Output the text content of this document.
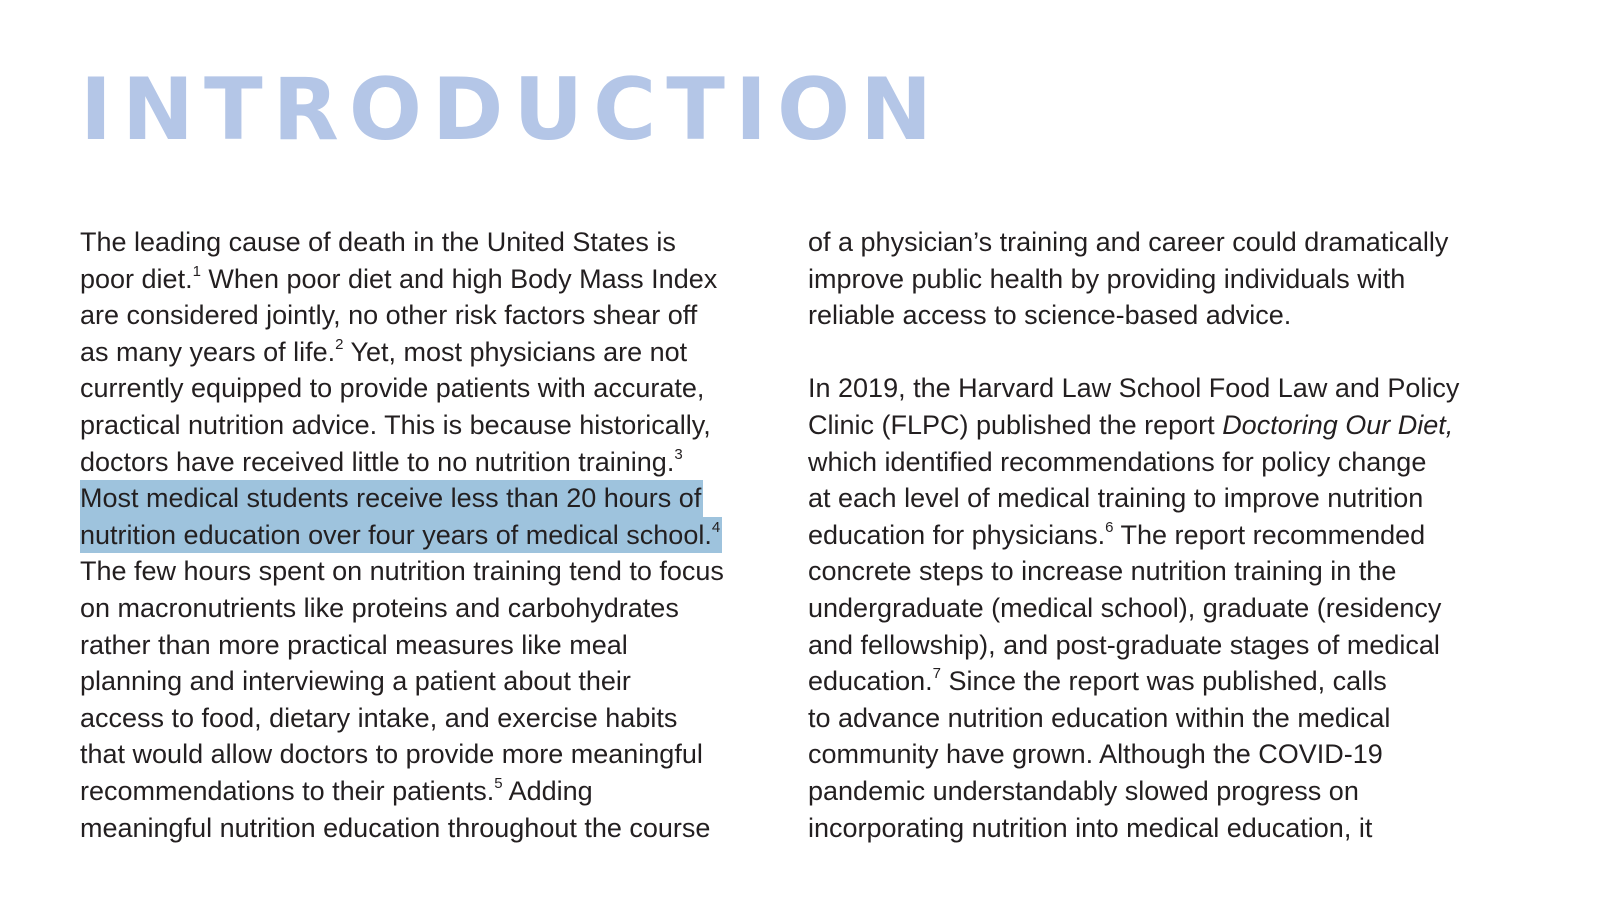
INTRODUCTION
The leading cause of death in the United States is
poor diet.$^1$ When poor diet and high Body Mass Index
are considered jointly, no other risk factors shear off
as many years of life.$^2$ Yet, most physicians are not
currently equipped to provide patients with accurate,
practical nutrition advice. This is because historically,
doctors have received little to no nutrition training.$^3$
Most medical students receive less than 20 hours of
nutrition education over four years of medical school.$^4$
The few hours spent on nutrition training tend to focus
on macronutrients like proteins and carbohydrates
rather than more practical measures like meal
planning and interviewing a patient about their
access to food, dietary intake, and exercise habits
that would allow doctors to provide more meaningful
recommendations to their patients.$^5$ Adding
meaningful nutrition education throughout the course
of a physician’s training and career could dramatically
improve public health by providing individuals with
reliable access to science-based advice.
In 2019, the Harvard Law School Food Law and Policy
Clinic (FLPC) published the report Doctoring Our Diet,
which identified recommendations for policy change
at each level of medical training to improve nutrition
education for physicians.$^6$ The report recommended
concrete steps to increase nutrition training in the
undergraduate (medical school), graduate (residency
and fellowship), and post-graduate stages of medical
education.$^7$ Since the report was published, calls
to advance nutrition education within the medical
community have grown. Although the COVID-19
pandemic understandably slowed progress on
incorporating nutrition into medical education, it
